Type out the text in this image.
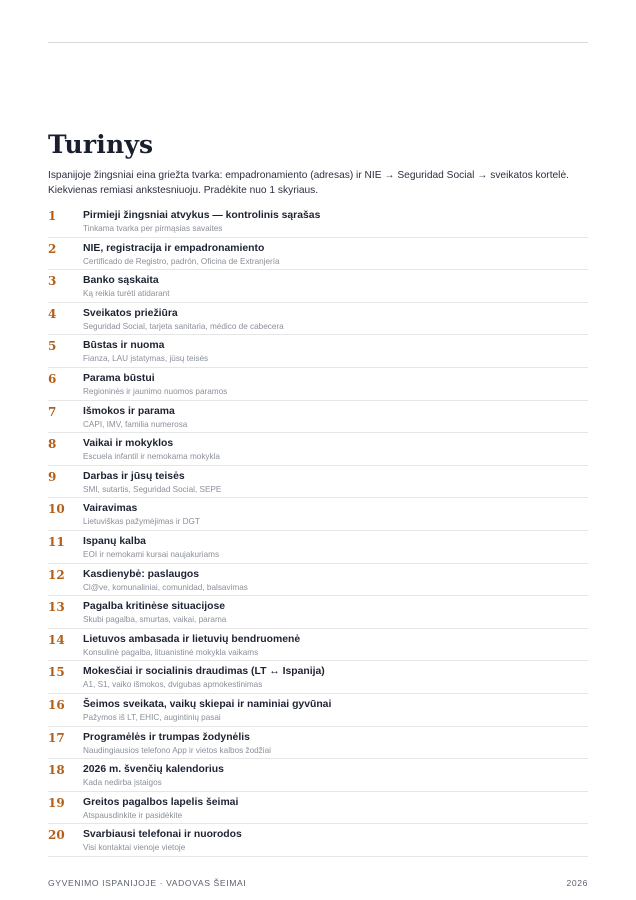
Turinys
Ispanijoje žingsniai eina griežta tvarka: empadronamiento (adresas) ir NIE → Seguridad Social → sveikatos kortelė. Kiekvienas remiasi ankstesniuoju. Pradėkite nuo 1 skyriaus.
1	Pirmieji žingsniai atvykus — kontrolinis sąrašas
Tinkama tvarka per pirmąsias savaites
2	NIE, registracija ir empadronamiento
Certificado de Registro, padrón, Oficina de Extranjería
3	Banko sąskaita
Ką reikia turėti atidarant
4	Sveikatos priežiūra
Seguridad Social, tarjeta sanitaria, médico de cabecera
5	Būstas ir nuoma
Fianza, LAU įstatymas, jūsų teisės
6	Parama būstui
Regioninės ir jaunimo nuomos paramos
7	Išmokos ir parama
CAPI, IMV, familia numerosa
8	Vaikai ir mokyklos
Escuela infantil ir nemokama mokykla
9	Darbas ir jūsų teisės
SMI, sutartis, Seguridad Social, SEPE
10 Vairavimas
Lietuviškas pažymėjimas ir DGT
11 Ispanų kalba
EOI ir nemokami kursai naujakuriams
12 Kasdienybė: paslaugos
Cl@ve, komunaliniai, comunidad, balsavimas
13 Pagalba kritinėse situacijose
Skubi pagalba, smurtas, vaikai, parama
14 Lietuvos ambasada ir lietuvių bendruomenė
Konsulinė pagalba, lituanistinė mokykla vaikams
15 Mokesčiai ir socialinis draudimas (LT ↔ Ispanija)
A1, S1, vaiko išmokos, dvigubas apmokestinimas
16 Šeimos sveikata, vaikų skiepai ir naminiai gyvūnai
Pažymos iš LT, EHIC, augintinių pasai
17 Programėlės ir trumpas žodynėlis
Naudingiausios telefono App ir vietos kalbos žodžiai
18 2026 m. švenčių kalendorius
Kada nedirba įstaigos
19 Greitos pagalbos lapelis šeimai
Atspausdinkite ir pasidėkite
20 Svarbiausi telefonai ir nuorodos
Visi kontaktai vienoje vietoje
GYVENIMO ISPANIJOJE · VADOVAS ŠEIMAI	2026
